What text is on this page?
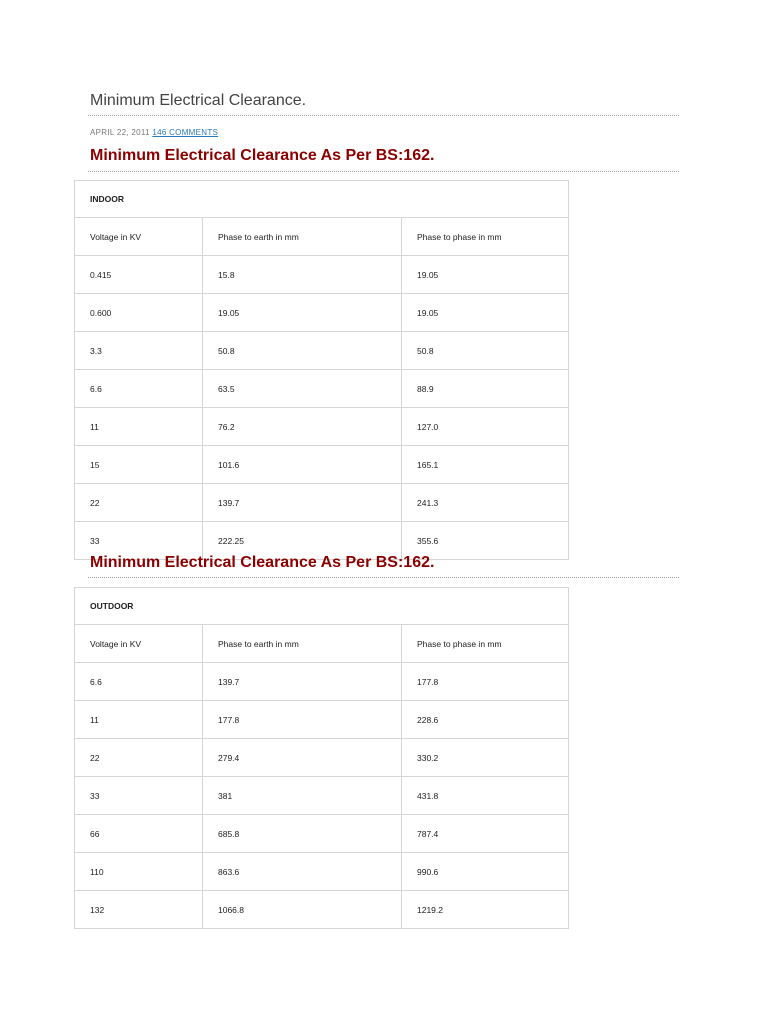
Minimum Electrical Clearance.
APRIL 22, 2011 146 COMMENTS
Minimum Electrical Clearance As Per BS:162.
INDOOR		
Voltage in KV	Phase to earth in mm	Phase to phase in mm
0.415	15.8	19.05
0.600	19.05	19.05
3.3	50.8	50.8
6.6	63.5	88.9
11	76.2	127.0
15	101.6	165.1
22	139.7	241.3
33	222.25	355.6
Minimum Electrical Clearance As Per BS:162.
OUTDOOR		
Voltage in KV	Phase to earth in mm	Phase to phase in mm
6.6	139.7	177.8
11	177.8	228.6
22	279.4	330.2
33	381	431.8
66	685.8	787.4
110	863.6	990.6
132	1066.8	1219.2
